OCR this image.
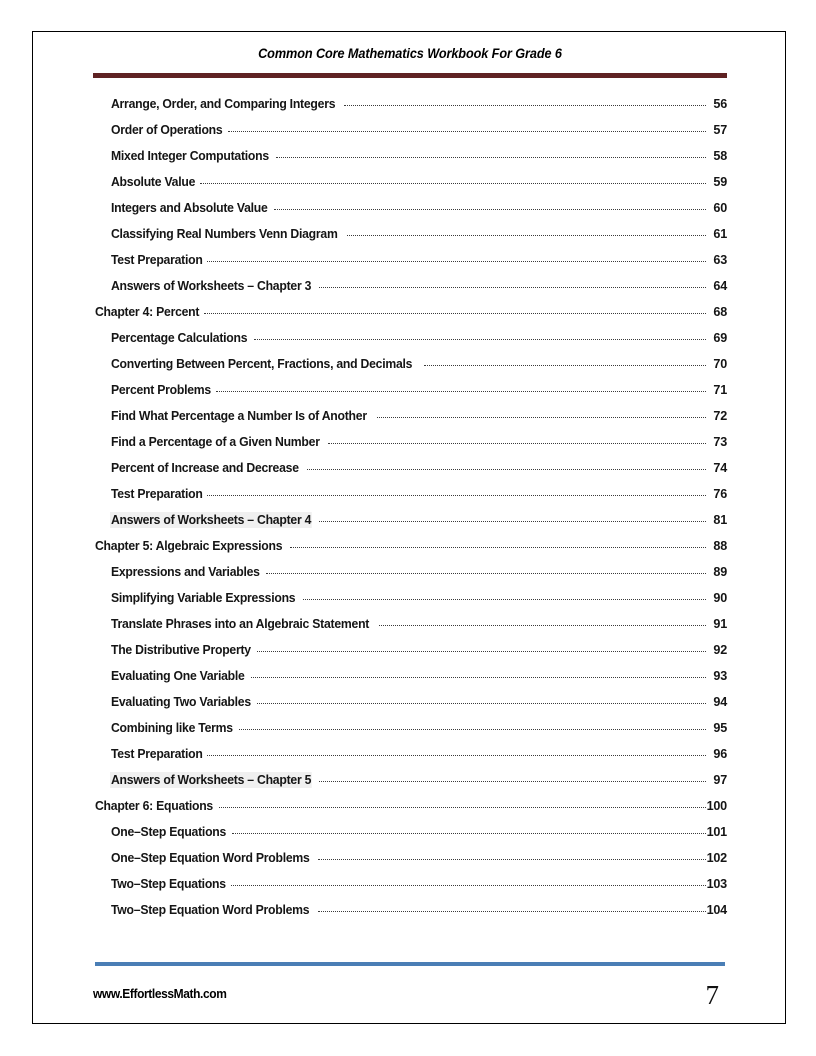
Common Core Mathematics Workbook For Grade 6
Arrange, Order, and Comparing Integers	56
Order of Operations	57
Mixed Integer Computations	58
Absolute Value	59
Integers and Absolute Value	60
Classifying Real Numbers Venn Diagram	61
Test Preparation	63
Answers of Worksheets – Chapter 3	64
Chapter 4: Percent	68
Percentage Calculations	69
Converting Between Percent, Fractions, and Decimals	70
Percent Problems	71
Find What Percentage a Number Is of Another	72
Find a Percentage of a Given Number	73
Percent of Increase and Decrease	74
Test Preparation	76
Answers of Worksheets – Chapter 4	81
Chapter 5: Algebraic Expressions	88
Expressions and Variables	89
Simplifying Variable Expressions	90
Translate Phrases into an Algebraic Statement	91
The Distributive Property	92
Evaluating One Variable	93
Evaluating Two Variables	94
Combining like Terms	95
Test Preparation	96
Answers of Worksheets – Chapter 5	97
Chapter 6: Equations	100
One–Step Equations	101
One–Step Equation Word Problems	102
Two–Step Equations	103
Two–Step Equation Word Problems	104
www.EffortlessMath.com	7
